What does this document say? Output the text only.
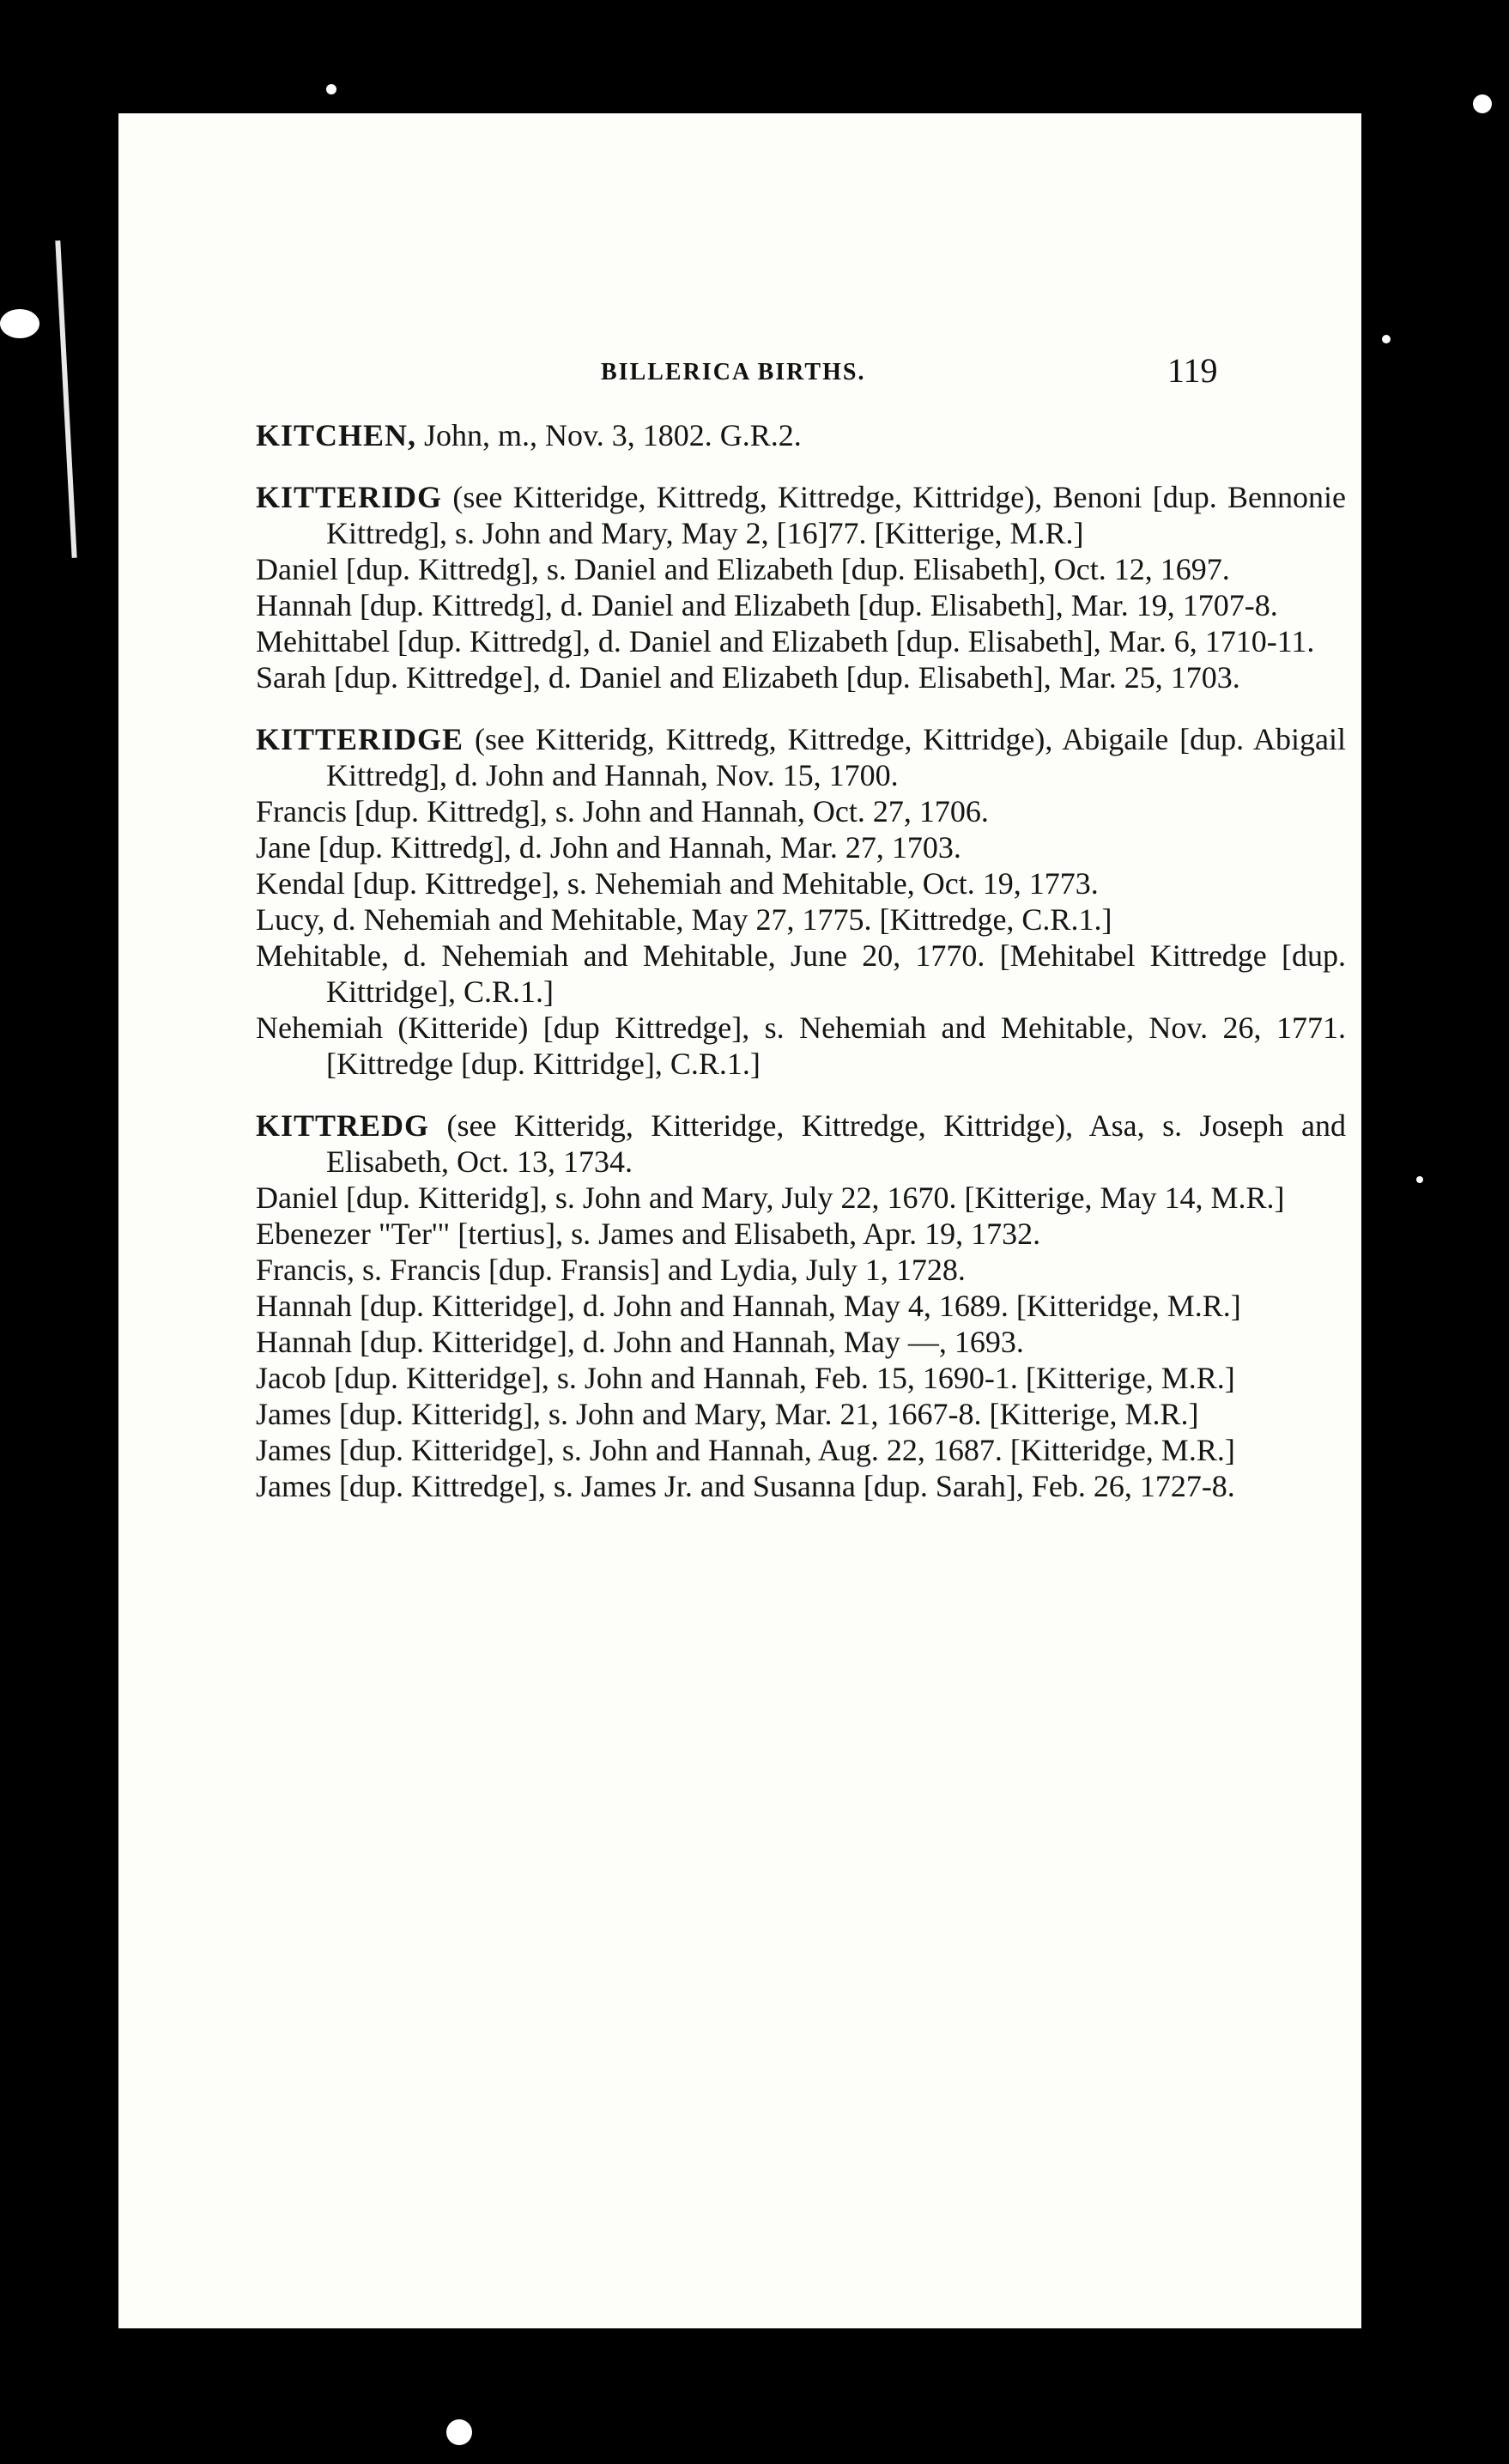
BILLERICA BIRTHS.	119

KITCHEN, John, m., Nov. 3, 1802. G.R.2.

KITTERIDG (see Kitteridge, Kittredg, Kittredge, Kittridge), Benoni [dup. Bennonie Kittredg], s. John and Mary, May 2, [16]77. [Kitterige, M.R.]

Daniel [dup. Kittredg], s. Daniel and Elizabeth [dup. Elisabeth], Oct. 12, 1697.

Hannah [dup. Kittredg], d. Daniel and Elizabeth [dup. Elisabeth], Mar. 19, 1707-8.

Mehittabel [dup. Kittredg], d. Daniel and Elizabeth [dup. Elisabeth], Mar. 6, 1710-11.

Sarah [dup. Kittredge], d. Daniel and Elizabeth [dup. Elisabeth], Mar. 25, 1703.

KITTERIDGE (see Kitteridg, Kittredg, Kittredge, Kittridge), Abigaile [dup. Abigail Kittredg], d. John and Hannah, Nov. 15, 1700.

Francis [dup. Kittredg], s. John and Hannah, Oct. 27, 1706.

Jane [dup. Kittredg], d. John and Hannah, Mar. 27, 1703.

Kendal [dup. Kittredge], s. Nehemiah and Mehitable, Oct. 19, 1773.

Lucy, d. Nehemiah and Mehitable, May 27, 1775. [Kittredge, C.R.1.]

Mehitable, d. Nehemiah and Mehitable, June 20, 1770. [Mehitabel Kittredge [dup. Kittridge], C.R.1.]

Nehemiah (Kitteride) [dup Kittredge], s. Nehemiah and Mehitable, Nov. 26, 1771. [Kittredge [dup. Kittridge], C.R.1.]

KITTREDG (see Kitteridg, Kitteridge, Kittredge, Kittridge), Asa, s. Joseph and Elisabeth, Oct. 13, 1734.

Daniel [dup. Kitteridg], s. John and Mary, July 22, 1670. [Kitterige, May 14, M.R.]

Ebenezer "Ter'" [tertius], s. James and Elisabeth, Apr. 19, 1732.

Francis, s. Francis [dup. Fransis] and Lydia, July 1, 1728.

Hannah [dup. Kitteridge], d. John and Hannah, May 4, 1689. [Kitteridge, M.R.]

Hannah [dup. Kitteridge], d. John and Hannah, May —, 1693.

Jacob [dup. Kitteridge], s. John and Hannah, Feb. 15, 1690-1. [Kitterige, M.R.]

James [dup. Kitteridg], s. John and Mary, Mar. 21, 1667-8. [Kitterige, M.R.]

James [dup. Kitteridge], s. John and Hannah, Aug. 22, 1687. [Kitteridge, M.R.]

James [dup. Kittredge], s. James Jr. and Susanna [dup. Sarah], Feb. 26, 1727-8.
